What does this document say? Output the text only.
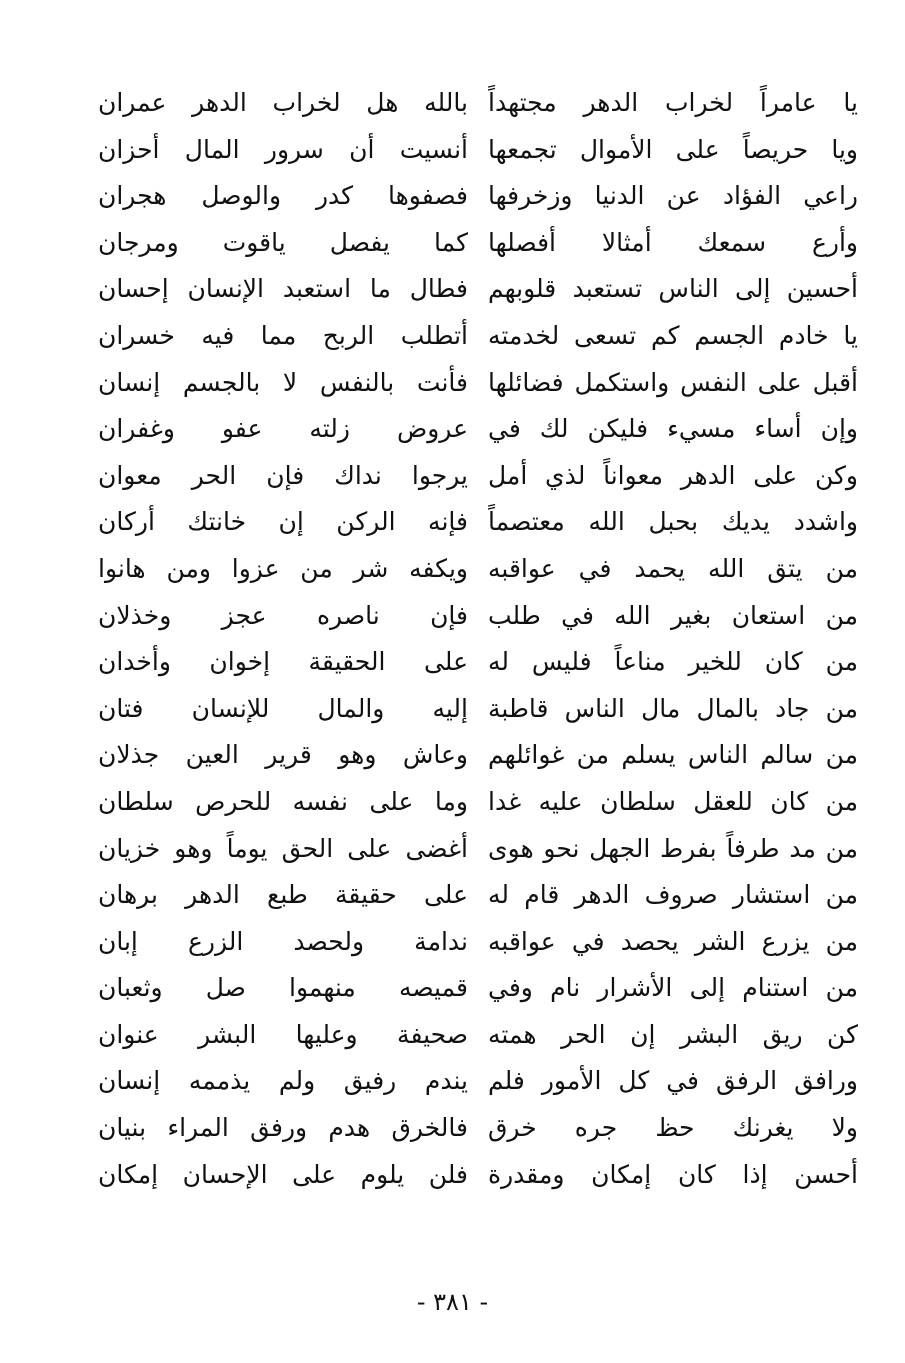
بالله هل لخراب الدهر عمران
أنسيت أن سرور المال أحزان
فصفوها كدر والوصل هجران
كما يفصل ياقوت ومرجان
فطال ما استعبد الإنسان إحسان
أتطلب الربح مما فيه خسران
فأنت بالنفس لا بالجسم إنسان
عروض زلته عفو وغفران
يرجوا نداك فإن الحر معوان
فإنه الركن إن خانتك أركان
ويكفه شر من عزوا ومن هانوا
فإن ناصره عجز وخذلان
على الحقيقة إخوان وأخدان
إليه والمال للإنسان فتان
وعاش وهو قرير العين جذلان
وما على نفسه للحرص سلطان
أغضى على الحق يوماً وهو خزيان
على حقيقة طبع الدهر برهان
ندامة ولحصد الزرع إبان
قميصه منهموا صل وثعبان
صحيفة وعليها البشر عنوان
يندم رفيق ولم يذممه إنسان
فالخرق هدم ورفق المراء بنيان
فلن يلوم على الإحسان إمكان
يا عامراً لخراب الدهر مجتهداً
ويا حريصاً على الأموال تجمعها
راعي الفؤاد عن الدنيا وزخرفها
وأرع سمعك أمثالا أفصلها
أحسين إلى الناس تستعبد قلوبهم
يا خادم الجسم كم تسعى لخدمته
أقبل على النفس واستكمل فضائلها
وإن أساء مسيء فليكن لك في
وكن على الدهر معواناً لذي أمل
واشدد يديك بحبل الله معتصماً
من يتق الله يحمد في عواقبه
من استعان بغير الله في طلب
من كان للخير مناعاً فليس له
من جاد بالمال مال الناس قاطبة
من سالم الناس يسلم من غوائلهم
من كان للعقل سلطان عليه غدا
من مد طرفاً بفرط الجهل نحو هوى
من استشار صروف الدهر قام له
من يزرع الشر يحصد في عواقبه
من استنام إلى الأشرار نام وفي
كن ريق البشر إن الحر همته
ورافق الرفق في كل الأمور فلم
ولا يغرنك حظ جره خرق
أحسن إذا كان إمكان ومقدرة
- ٣٨١ -
